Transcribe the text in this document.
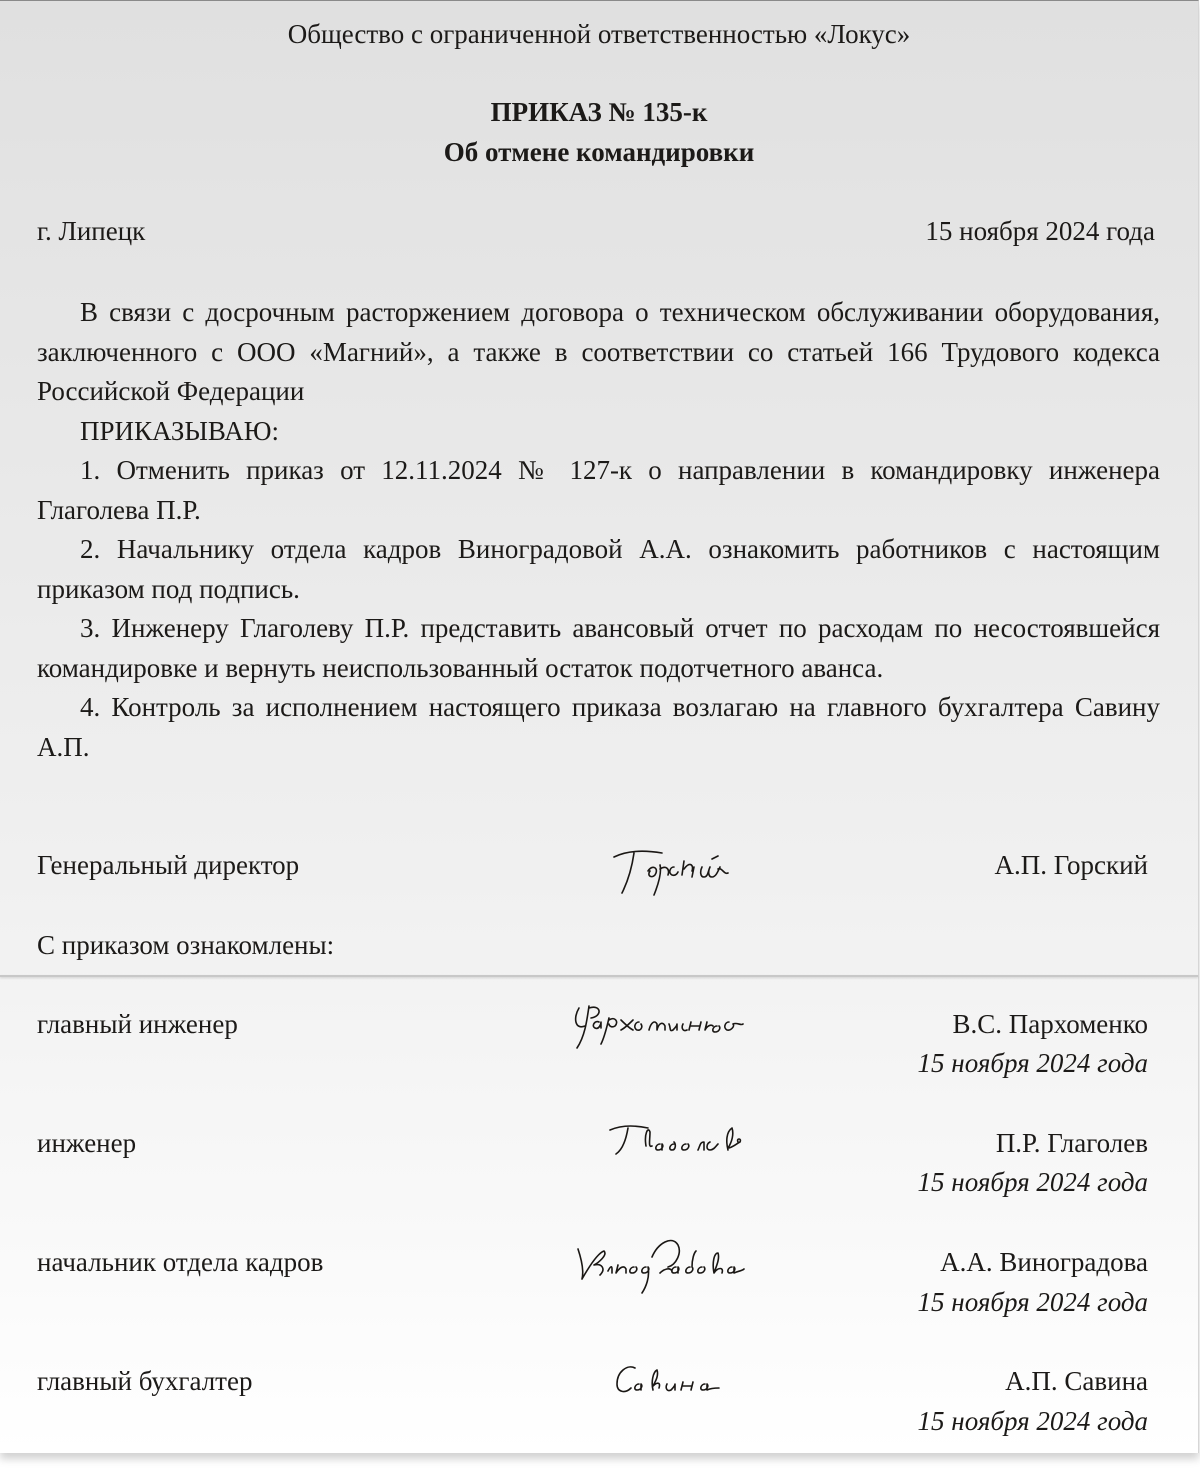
Общество с ограниченной ответственностью «Локус»
ПРИКАЗ № 135-к
Об отмене командировки
г. Липецк	15 ноября 2024 года

В связи с досрочным расторжением договора о техническом обслуживании оборудования, заключенного с ООО «Магний», а также в соответствии со статьей 166 Трудового кодекса Российской Федерации

ПРИКАЗЫВАЮ:

1. Отменить приказ от 12.11.2024 № 127-к о направлении в командировку инженера Глаголева П.Р.

2. Начальнику отдела кадров Виноградовой А.А. ознакомить работников с настоящим приказом под подпись.

3. Инженеру Глаголеву П.Р. представить авансовый отчет по расходам по несостоявшейся командировке и вернуть неиспользованный остаток подотчетного аванса.

4. Контроль за исполнением настоящего приказа возлагаю на главного бухгалтера Савину А.П.

Генеральный директор	А.П. Горский
С приказом ознакомлены:
главный инженер	В.С. Пархоменко
15 ноября 2024 года
инженер	П.Р. Глаголев
15 ноября 2024 года
начальник отдела кадров	А.А. Виноградова
15 ноября 2024 года
главный бухгалтер	А.П. Савина
15 ноября 2024 года
